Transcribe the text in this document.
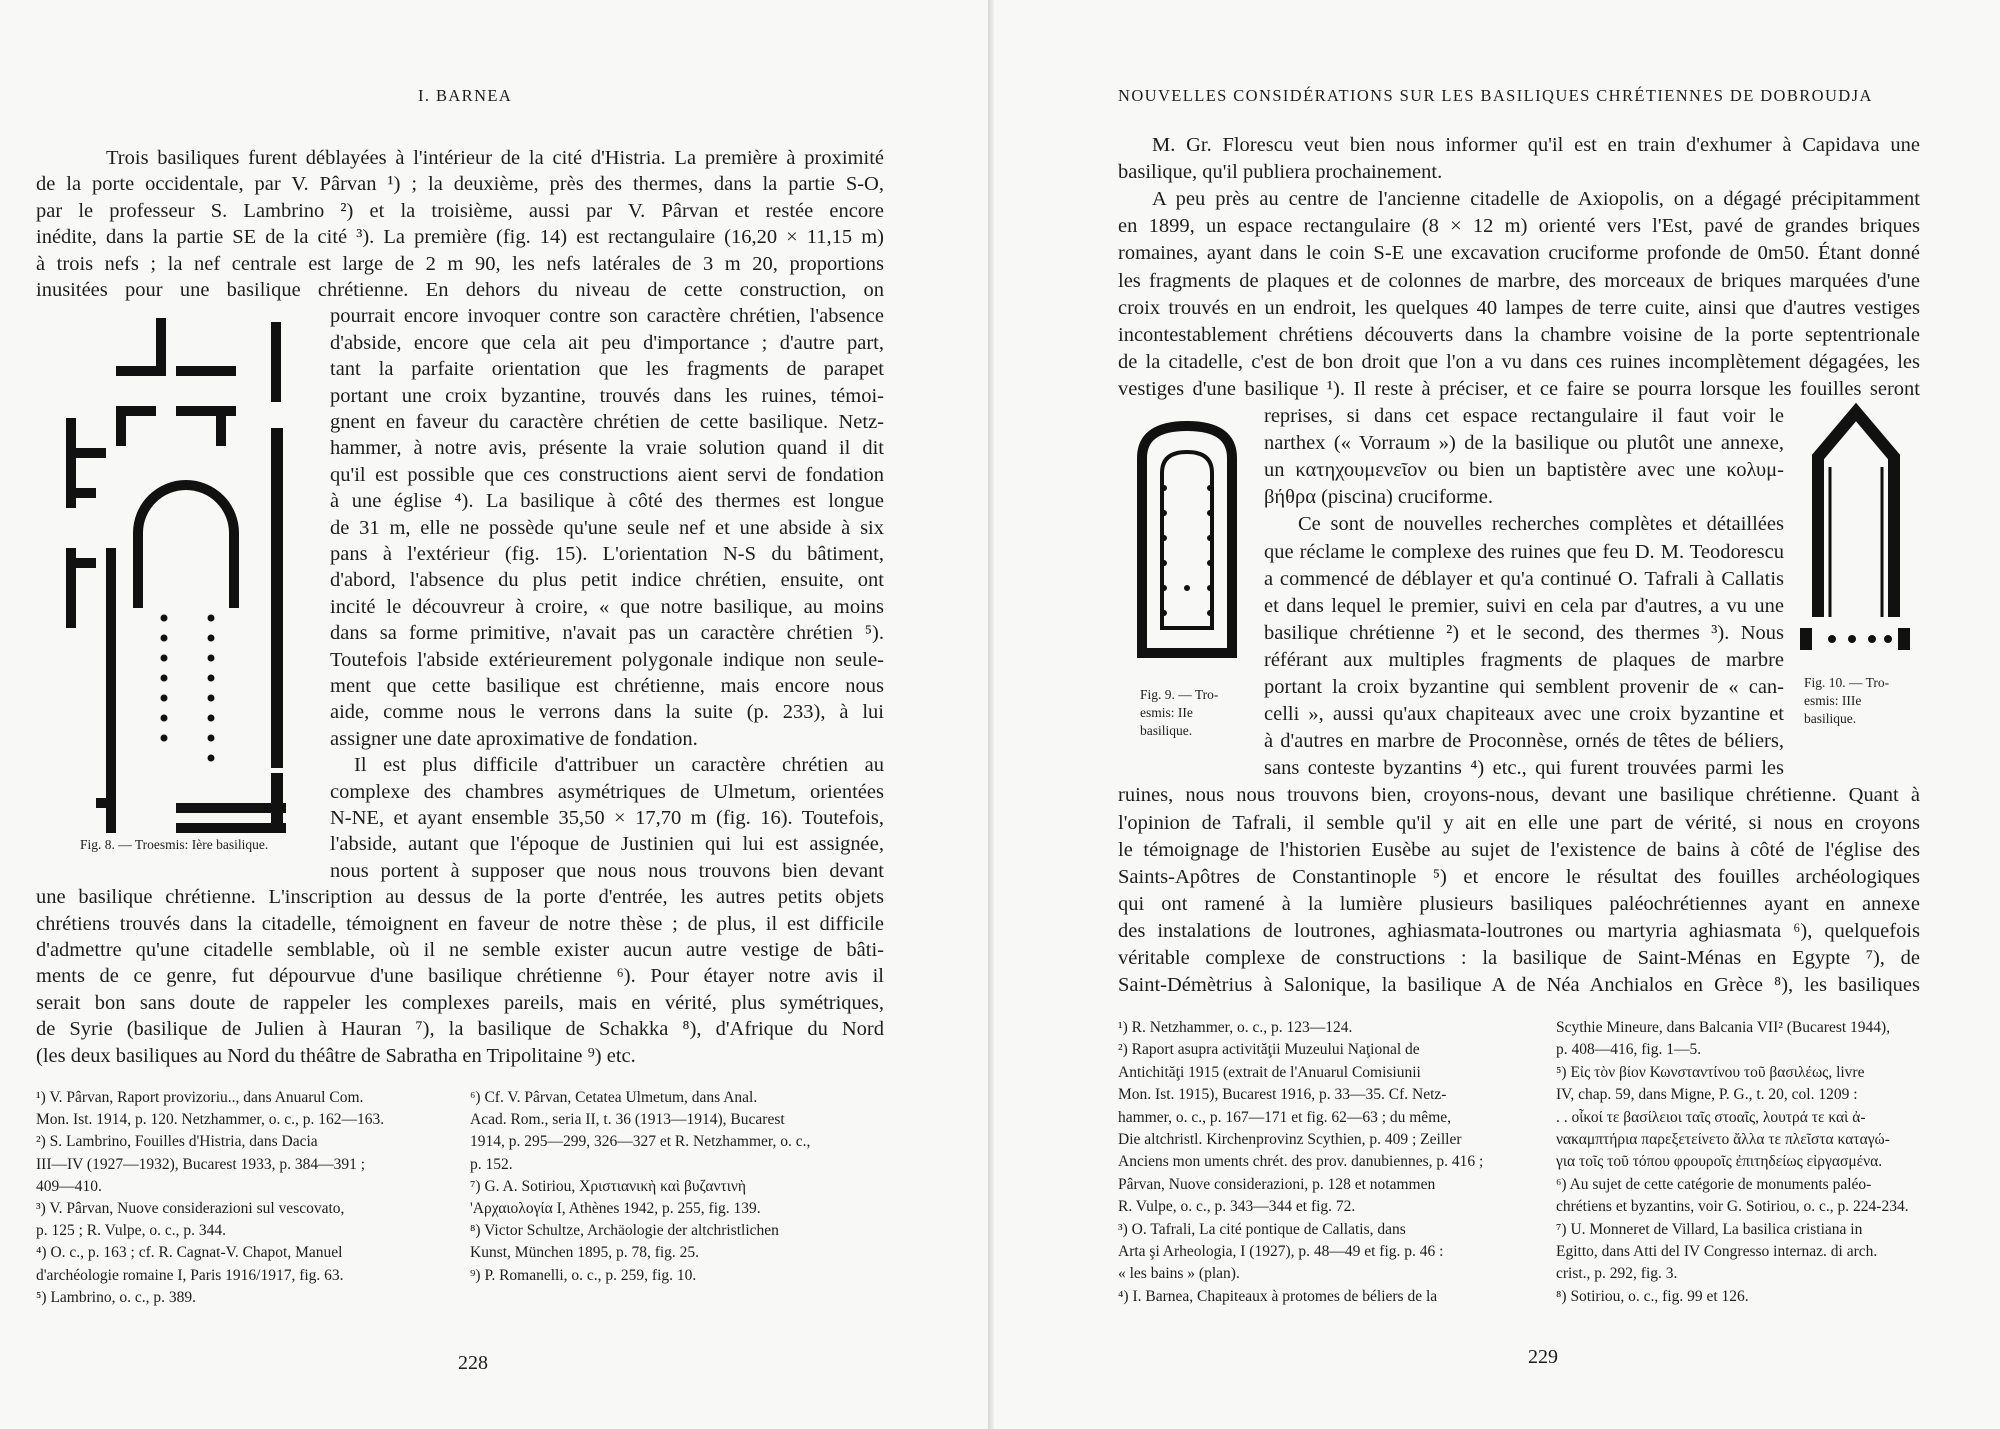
I. BARNEA
Trois basiliques furent déblayées à l'intérieur de la cité d'Histria. La première à proximité
de la porte occidentale, par V. Pârvan ¹) ; la deuxième, près des thermes, dans la partie S-O,
par le professeur S. Lambrino ²) et la troisième, aussi par V. Pârvan et restée encore
inédite, dans la partie SE de la cité ³). La première (fig. 14) est rectangulaire (16,20 × 11,15 m)
à trois nefs ; la nef centrale est large de 2 m 90, les nefs latérales de 3 m 20, proportions
inusitées pour une basilique chrétienne. En dehors du niveau de cette construction, on
pourrait encore invoquer contre son caractère chrétien, l'absence
d'abside, encore que cela ait peu d'importance ; d'autre part,
tant la parfaite orientation que les fragments de parapet
portant une croix byzantine, trouvés dans les ruines, témoi-
gnent en faveur du caractère chrétien de cette basilique. Netz-
hammer, à notre avis, présente la vraie solution quand il dit
qu'il est possible que ces constructions aient servi de fondation
à une église ⁴). La basilique à côté des thermes est longue
de 31 m, elle ne possède qu'une seule nef et une abside à six
pans à l'extérieur (fig. 15). L'orientation N-S du bâtiment,
d'abord, l'absence du plus petit indice chrétien, ensuite, ont
incité le découvreur à croire, « que notre basilique, au moins
dans sa forme primitive, n'avait pas un caractère chrétien ⁵).
Toutefois l'abside extérieurement polygonale indique non seule-
ment que cette basilique est chrétienne, mais encore nous
aide, comme nous le verrons dans la suite (p. 233), à lui
assigner une date aproximative de fondation.
Il est plus difficile d'attribuer un caractère chrétien au
complexe des chambres asymétriques de Ulmetum, orientées
N-NE, et ayant ensemble 35,50 × 17,70 m (fig. 16). Toutefois,
l'abside, autant que l'époque de Justinien qui lui est assignée,
nous portent à supposer que nous nous trouvons bien devant
une basilique chrétienne. L'inscription au dessus de la porte d'entrée, les autres petits objets
chrétiens trouvés dans la citadelle, témoignent en faveur de notre thèse ; de plus, il est difficile
d'admettre qu'une citadelle semblable, où il ne semble exister aucun autre vestige de bâti-
ments de ce genre, fut dépourvue d'une basilique chrétienne ⁶). Pour étayer notre avis il
serait bon sans doute de rappeler les complexes pareils, mais en vérité, plus symétriques,
de Syrie (basilique de Julien à Hauran ⁷), la basilique de Schakka ⁸), d'Afrique du Nord
(les deux basiliques au Nord du théâtre de Sabratha en Tripolitaine ⁹) etc.
Fig. 8. — Troesmis: Ière basilique.
¹) V. Pârvan, Raport provizoriu.., dans Anuarul Com.
Mon. Ist. 1914, p. 120. Netzhammer, o. c., p. 162—163.
²) S. Lambrino, Fouilles d'Histria, dans Dacia
III—IV (1927—1932), Bucarest 1933, p. 384—391 ;
409—410.
³) V. Pârvan, Nuove considerazioni sul vescovato,
p. 125 ; R. Vulpe, o. c., p. 344.
⁴) O. c., p. 163 ; cf. R. Cagnat-V. Chapot, Manuel
d'archéologie romaine I, Paris 1916/1917, fig. 63.
⁵) Lambrino, o. c., p. 389.
⁶) Cf. V. Pârvan, Cetatea Ulmetum, dans Anal.
Acad. Rom., seria II, t. 36 (1913—1914), Bucarest
1914, p. 295—299, 326—327 et R. Netzhammer, o. c.,
p. 152.
⁷) G. A. Sotiriou, Χριστιανικὴ καὶ βυζαντινὴ
'Αρχαιολογία I, Athènes 1942, p. 255, fig. 139.
⁸) Victor Schultze, Archäologie der altchristlichen
Kunst, München 1895, p. 78, fig. 25.
⁹) P. Romanelli, o. c., p. 259, fig. 10.
228
NOUVELLES CONSIDÉRATIONS SUR LES BASILIQUES CHRÉTIENNES DE DOBROUDJA
M. Gr. Florescu veut bien nous informer qu'il est en train d'exhumer à Capidava une
basilique, qu'il publiera prochainement.
A peu près au centre de l'ancienne citadelle de Axiopolis, on a dégagé précipitamment
en 1899, un espace rectangulaire (8 × 12 m) orienté vers l'Est, pavé de grandes briques
romaines, ayant dans le coin S-E une excavation cruciforme profonde de 0m50. Étant donné
les fragments de plaques et de colonnes de marbre, des morceaux de briques marquées d'une
croix trouvés en un endroit, les quelques 40 lampes de terre cuite, ainsi que d'autres vestiges
incontestablement chrétiens découverts dans la chambre voisine de la porte septentrionale
de la citadelle, c'est de bon droit que l'on a vu dans ces ruines incomplètement dégagées, les
vestiges d'une basilique ¹). Il reste à préciser, et ce faire se pourra lorsque les fouilles seront
reprises, si dans cet espace rectangulaire il faut voir le
narthex (« Vorraum ») de la basilique ou plutôt une annexe,
un κατηχουμενεῖον ou bien un baptistère avec une κολυμ-
βήθρα (piscina) cruciforme.
Ce sont de nouvelles recherches complètes et détaillées
que réclame le complexe des ruines que feu D. M. Teodorescu
a commencé de déblayer et qu'a continué O. Tafrali à Callatis
et dans lequel le premier, suivi en cela par d'autres, a vu une
basilique chrétienne ²) et le second, des thermes ³). Nous
référant aux multiples fragments de plaques de marbre
portant la croix byzantine qui semblent provenir de « can-
celli », aussi qu'aux chapiteaux avec une croix byzantine et
à d'autres en marbre de Proconnèse, ornés de têtes de béliers,
sans conteste byzantins ⁴) etc., qui furent trouvées parmi les
ruines, nous nous trouvons bien, croyons-nous, devant une basilique chrétienne. Quant à
l'opinion de Tafrali, il semble qu'il y ait en elle une part de vérité, si nous en croyons
le témoignage de l'historien Eusèbe au sujet de l'existence de bains à côté de l'église des
Saints-Apôtres de Constantinople ⁵) et encore le résultat des fouilles archéologiques
qui ont ramené à la lumière plusieurs basiliques paléochrétiennes ayant en annexe
des instalations de loutrones, aghiasmata-loutrones ou martyria aghiasmata ⁶), quelquefois
véritable complexe de constructions : la basilique de Saint-Ménas en Egypte ⁷), de
Saint-Démètrius à Salonique, la basilique A de Néa Anchialos en Grèce ⁸), les basiliques
Fig. 9. — Tro-
esmis: IIe
basilique.
Fig. 10. — Tro-
esmis: IIIe
basilique.
¹) R. Netzhammer, o. c., p. 123—124.
²) Raport asupra activităţii Muzeului Naţional de
Antichităţi 1915 (extrait de l'Anuarul Comisiunii
Mon. Ist. 1915), Bucarest 1916, p. 33—35. Cf. Netz-
hammer, o. c., p. 167—171 et fig. 62—63 ; du même,
Die altchristl. Kirchenprovinz Scythien, p. 409 ; Zeiller
Anciens mon uments chrét. des prov. danubiennes, p. 416 ;
Pârvan, Nuove considerazioni, p. 128 et notammen
R. Vulpe, o. c., p. 343—344 et fig. 72.
³) O. Tafrali, La cité pontique de Callatis, dans
Arta şi Arheologia, I (1927), p. 48—49 et fig. p. 46 :
« les bains » (plan).
⁴) I. Barnea, Chapiteaux à protomes de béliers de la
Scythie Mineure, dans Balcania VII² (Bucarest 1944),
p. 408—416, fig. 1—5.
⁵) Εἰς τὸν βίον Κωνσταντίνου τοῦ βασιλέως, livre
IV, chap. 59, dans Migne, P. G., t. 20, col. 1209 :
. . οἶκοί τε βασίλειοι ταῖς στοαῖς, λουτρά τε καὶ ἀ-
νακαμπτήρια παρεξετείνετο ἄλλα τε πλεῖστα καταγώ-
για τοῖς τοῦ τόπου φρουροῖς ἐπιτηδείως εἰργασμένα.
⁶) Au sujet de cette catégorie de monuments paléo-
chrétiens et byzantins, voir G. Sotiriou, o. c., p. 224-234.
⁷) U. Monneret de Villard, La basilica cristiana in
Egitto, dans Atti del IV Congresso internaz. di arch.
crist., p. 292, fig. 3.
⁸) Sotiriou, o. c., fig. 99 et 126.
229
